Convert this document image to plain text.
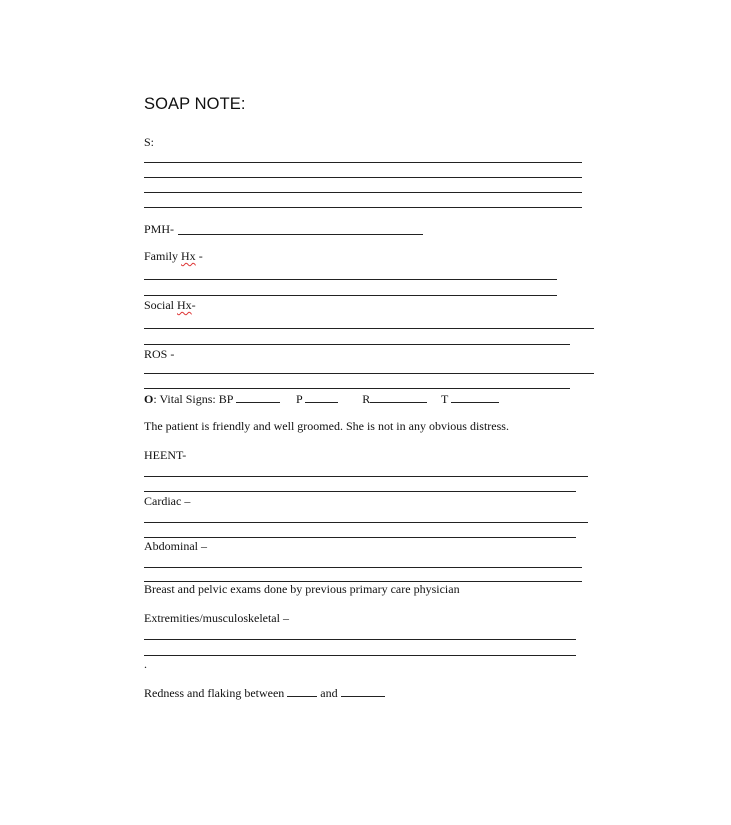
SOAP NOTE:
S:
PMH-
Family Hx -
Social Hx-
ROS -
O: Vital Signs: BP	P	R	T
The patient is friendly and well groomed. She is not in any obvious distress.
HEENT-
Cardiac –
Abdominal –
Breast and pelvic exams done by previous primary care physician
Extremities/musculoskeletal –
.
Redness and flaking between	and
